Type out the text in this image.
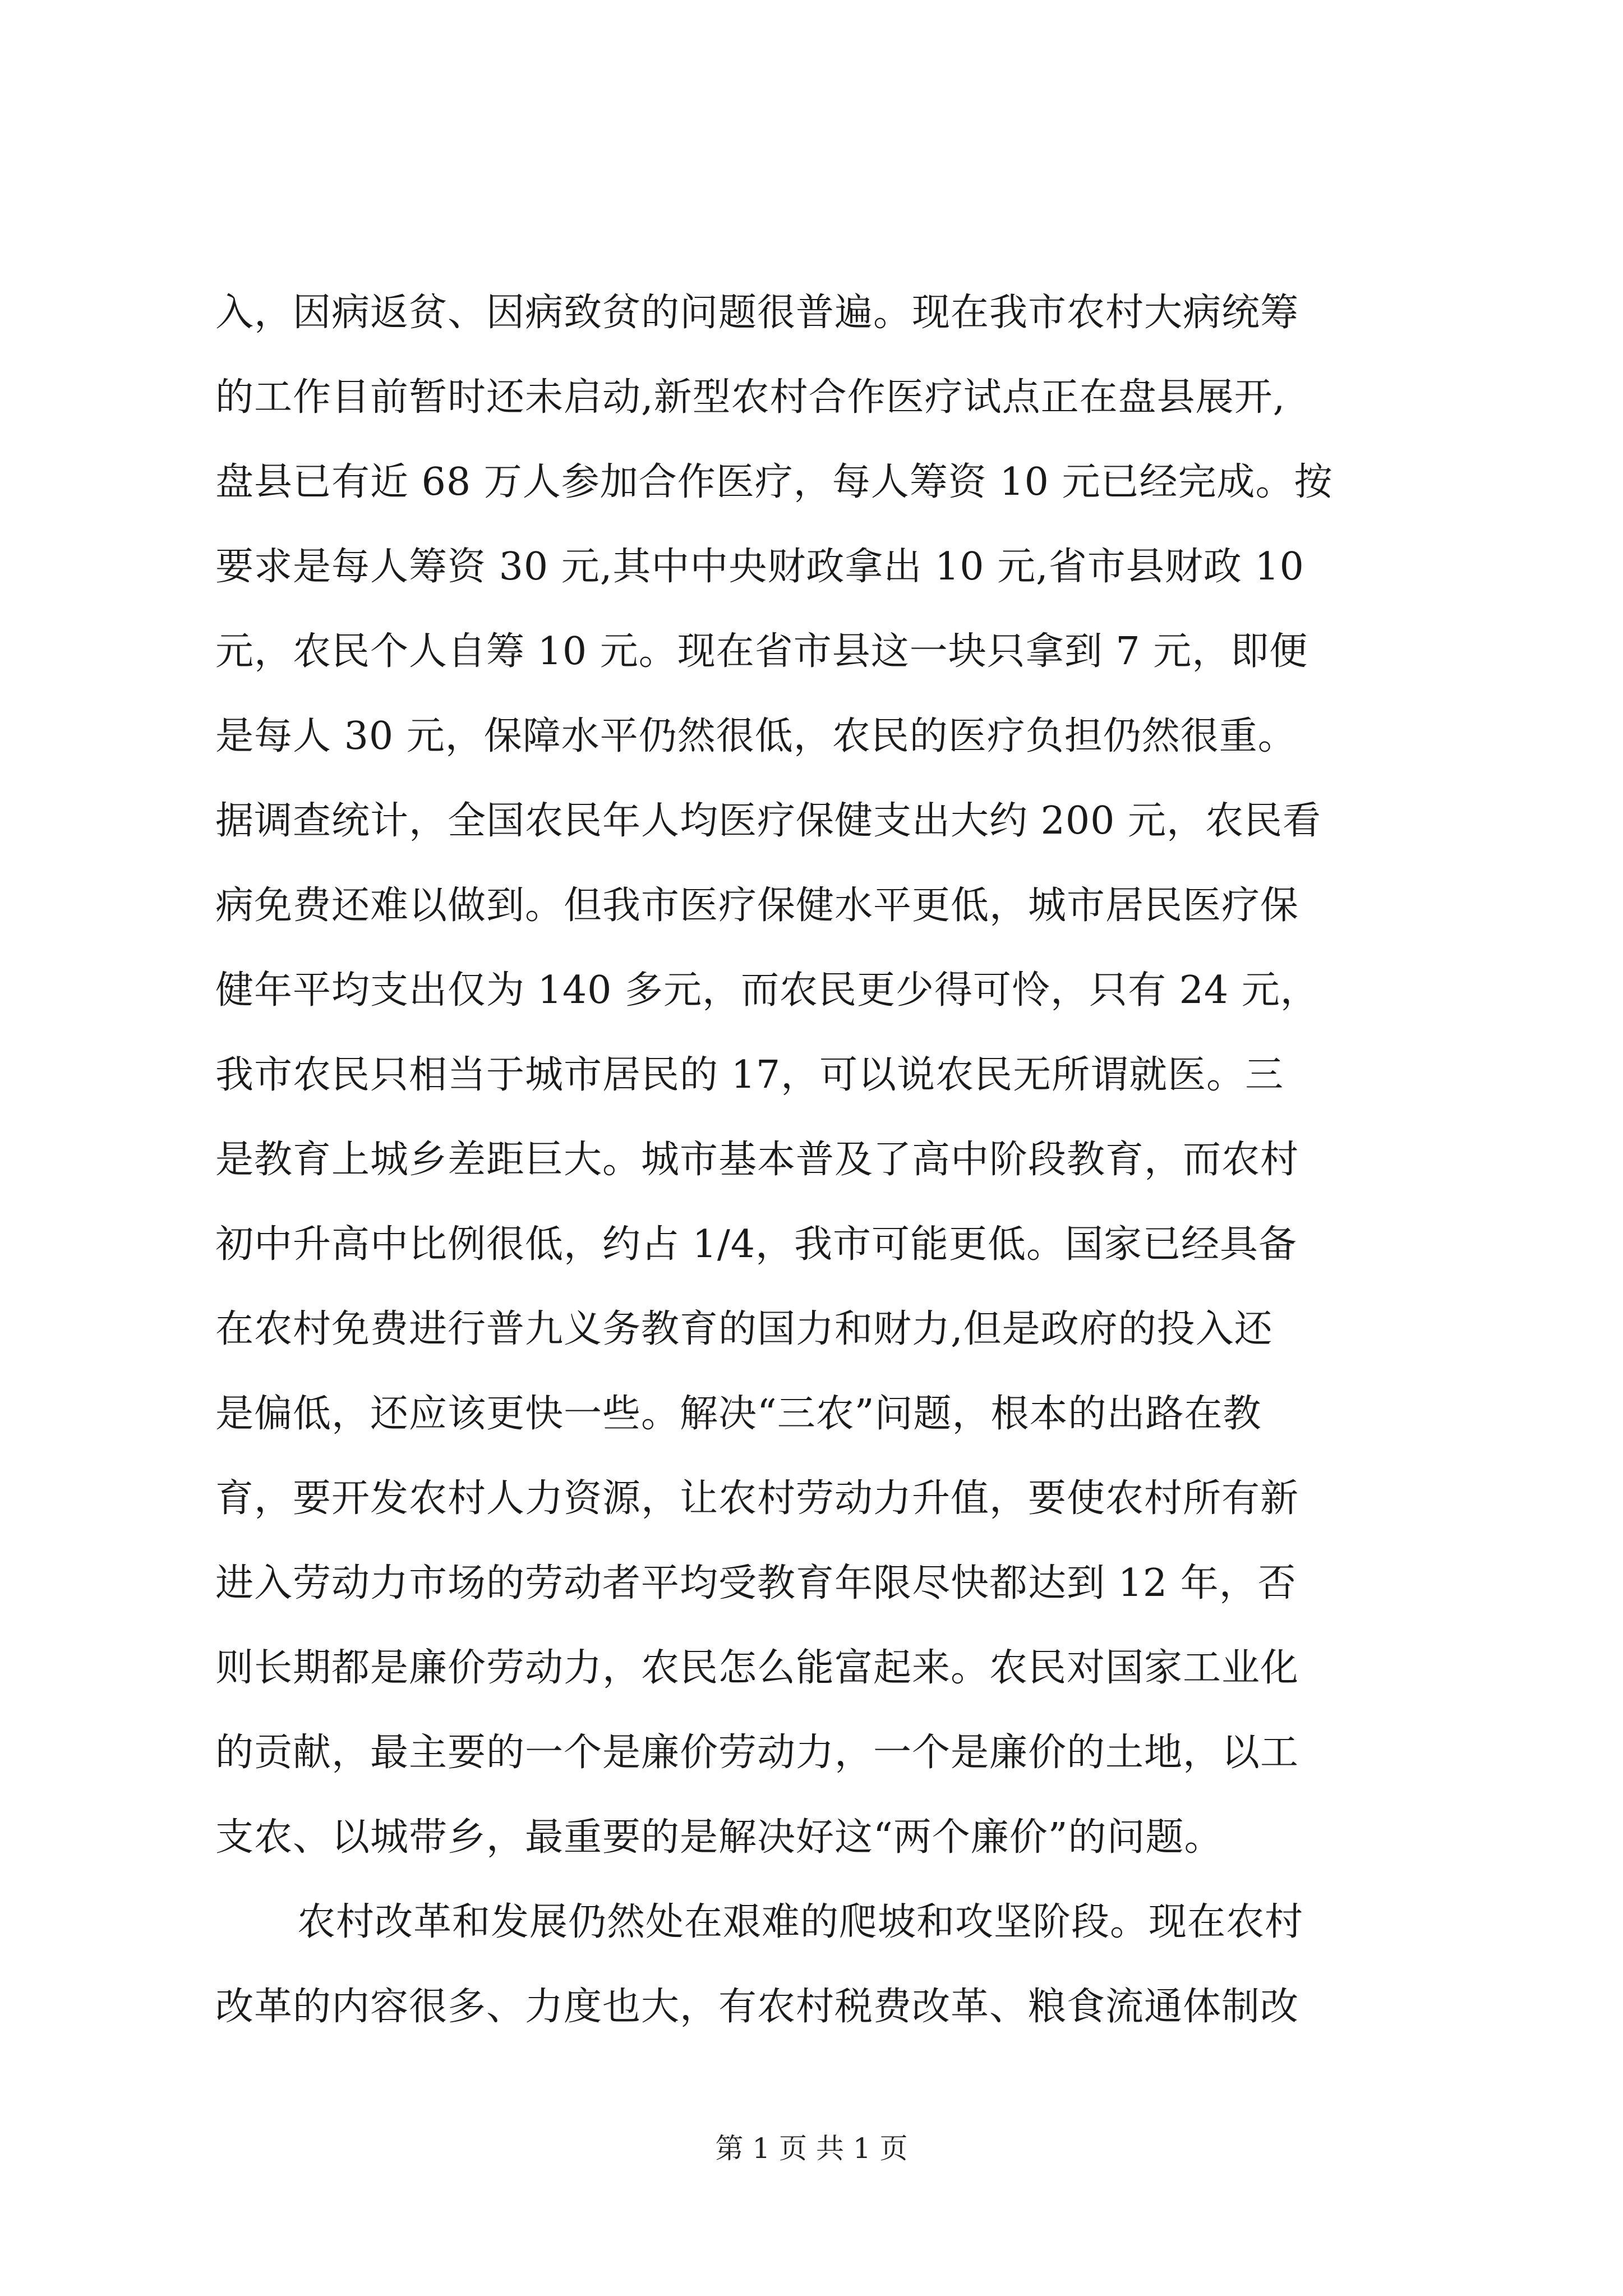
入，因病返贫、因病致贫的问题很普遍。现在我市农村大病统筹
的工作目前暂时还未启动,新型农村合作医疗试点正在盘县展开,
盘县已有近 68 万人参加合作医疗，每人筹资 10 元已经完成。按
要求是每人筹资 30 元,其中中央财政拿出 10 元,省市县财政 10
元，农民个人自筹 10 元。现在省市县这一块只拿到 7 元，即便
是每人 30 元，保障水平仍然很低，农民的医疗负担仍然很重。
据调查统计，全国农民年人均医疗保健支出大约 200 元，农民看
病免费还难以做到。但我市医疗保健水平更低，城市居民医疗保
健年平均支出仅为 140 多元，而农民更少得可怜，只有 24 元，
我市农民只相当于城市居民的 17，可以说农民无所谓就医。三
是教育上城乡差距巨大。城市基本普及了高中阶段教育，而农村
初中升高中比例很低，约占 1/4，我市可能更低。国家已经具备
在农村免费进行普九义务教育的国力和财力,但是政府的投入还
是偏低，还应该更快一些。解决“三农”问题，根本的出路在教
育，要开发农村人力资源，让农村劳动力升值，要使农村所有新
进入劳动力市场的劳动者平均受教育年限尽快都达到 12 年，否
则长期都是廉价劳动力，农民怎么能富起来。农民对国家工业化
的贡献，最主要的一个是廉价劳动力，一个是廉价的土地，以工
支农、以城带乡，最重要的是解决好这“两个廉价”的问题。
农村改革和发展仍然处在艰难的爬坡和攻坚阶段。现在农村
改革的内容很多、力度也大，有农村税费改革、粮食流通体制改
第 1 页 共 1 页
